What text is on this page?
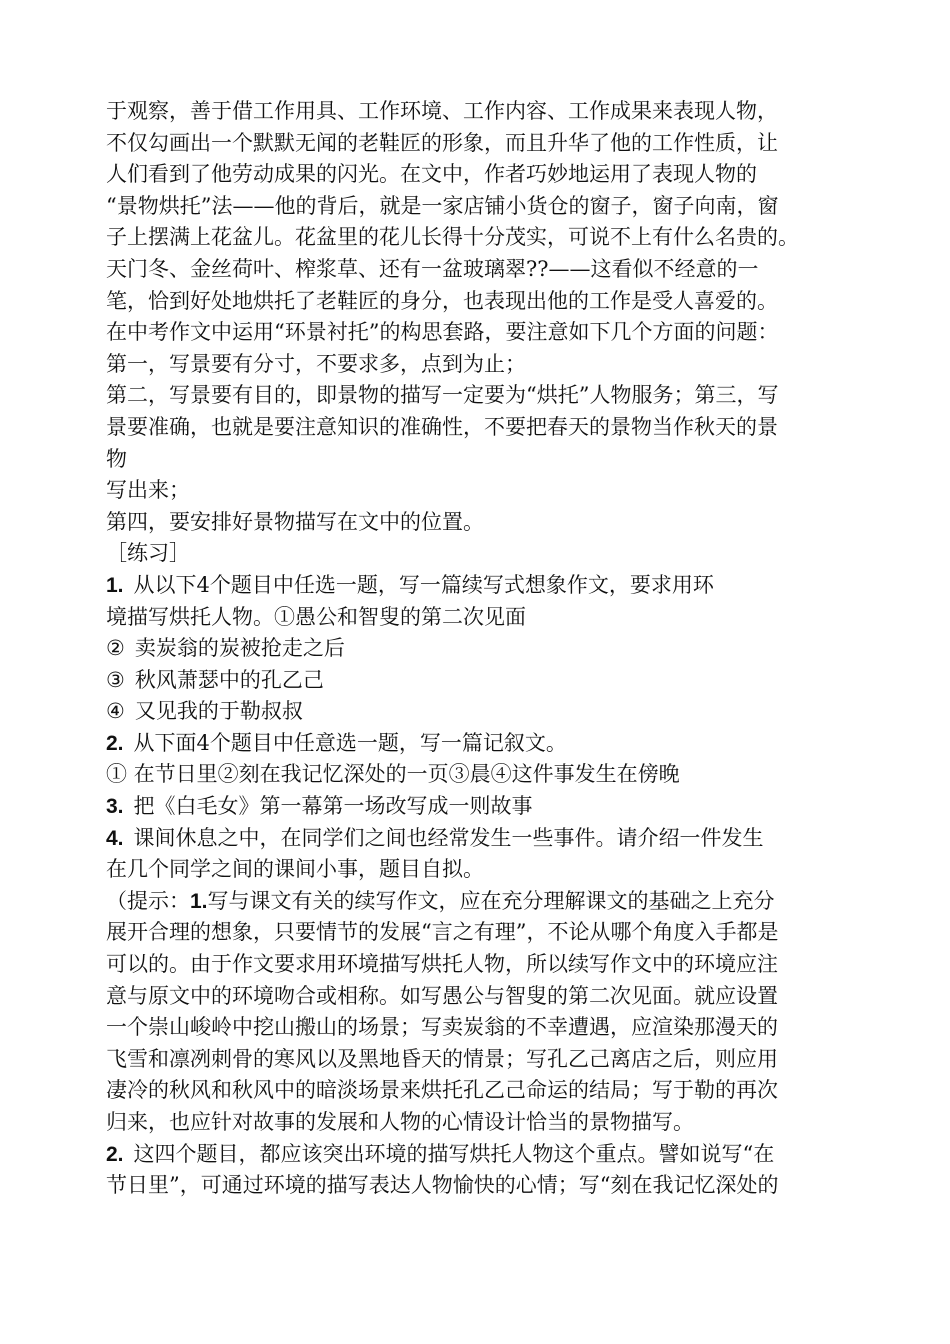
于观察，善于借工作用具、工作环境、工作内容、工作成果来表现人物，
不仅勾画出一个默默无闻的老鞋匠的形象，而且升华了他的工作性质，让
人们看到了他劳动成果的闪光。在文中，作者巧妙地运用了表现人物的
“景物烘托”法——他的背后，就是一家店铺小货仓的窗子，窗子向南，窗
子上摆满上花盆儿。花盆里的花儿长得十分茂实，可说不上有什么名贵的。
天门冬、金丝荷叶、榨浆草、还有一盆玻璃翠??——这看似不经意的一
笔，恰到好处地烘托了老鞋匠的身分，也表现出他的工作是受人喜爱的。
在中考作文中运用“环景衬托”的构思套路，要注意如下几个方面的问题：
第一，写景要有分寸，不要求多，点到为止；
第二，写景要有目的，即景物的描写一定要为“烘托”人物服务；第三，写
景要准确，也就是要注意知识的准确性，不要把春天的景物当作秋天的景
物
写出来；
第四，要安排好景物描写在文中的位置。
［练习］
1. 从以下4个题目中任选一题，写一篇续写式想象作文，要求用环
境描写烘托人物。①愚公和智叟的第二次见面
② 卖炭翁的炭被抢走之后
③ 秋风萧瑟中的孔乙己
④ 又见我的于勒叔叔
2. 从下面4个题目中任意选一题，写一篇记叙文。
① 在节日里②刻在我记忆深处的一页③晨④这件事发生在傍晚
3. 把《白毛女》第一幕第一场改写成一则故事
4. 课间休息之中，在同学们之间也经常发生一些事件。请介绍一件发生
在几个同学之间的课间小事，题目自拟。
（提示：1.写与课文有关的续写作文，应在充分理解课文的基础之上充分
展开合理的想象，只要情节的发展“言之有理”，不论从哪个角度入手都是
可以的。由于作文要求用环境描写烘托人物，所以续写作文中的环境应注
意与原文中的环境吻合或相称。如写愚公与智叟的第二次见面。就应设置
一个崇山峻岭中挖山搬山的场景；写卖炭翁的不幸遭遇，应渲染那漫天的
飞雪和凛冽刺骨的寒风以及黑地昏天的情景；写孔乙己离店之后，则应用
凄冷的秋风和秋风中的暗淡场景来烘托孔乙己命运的结局；写于勒的再次
归来，也应针对故事的发展和人物的心情设计恰当的景物描写。
2. 这四个题目，都应该突出环境的描写烘托人物这个重点。譬如说写“在
节日里”，可通过环境的描写表达人物愉快的心情；写“刻在我记忆深处的
